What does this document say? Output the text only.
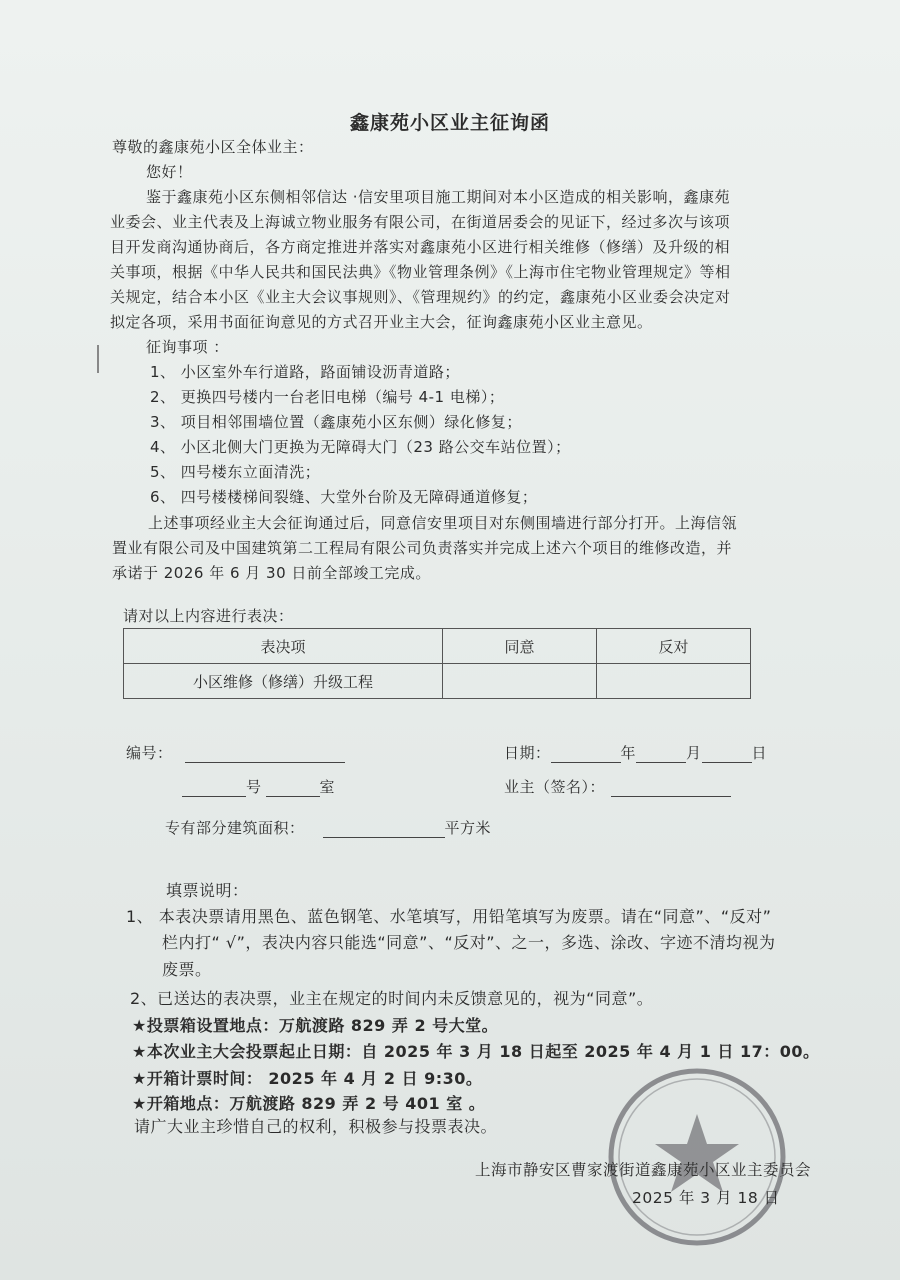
鑫康苑小区业主征询函
尊敬的鑫康苑小区全体业主：
您好！
鉴于鑫康苑小区东侧相邻信达 ·信安里项目施工期间对本小区造成的相关影响，鑫康苑
业委会、业主代表及上海诚立物业服务有限公司，在街道居委会的见证下，经过多次与该项
目开发商沟通协商后，各方商定推进并落实对鑫康苑小区进行相关维修（修缮）及升级的相
关事项，根据《中华人民共和国民法典》《物业管理条例》《上海市住宅物业管理规定》等相
关规定，结合本小区《业主大会议事规则》、《管理规约》的约定，鑫康苑小区业委会决定对
拟定各项，采用书面征询意见的方式召开业主大会，征询鑫康苑小区业主意见。
征询事项 ：
1、 小区室外车行道路，路面铺设沥青道路；
2、 更换四号楼内一台老旧电梯（编号 4-1 电梯）；
3、 项目相邻围墙位置（鑫康苑小区东侧）绿化修复；
4、 小区北侧大门更换为无障碍大门（23 路公交车站位置）；
5、 四号楼东立面清洗；
6、 四号楼楼梯间裂缝、大堂外台阶及无障碍通道修复；
上述事项经业主大会征询通过后，同意信安里项目对东侧围墙进行部分打开。上海信瓴
置业有限公司及中国建筑第二工程局有限公司负责落实并完成上述六个项目的维修改造，并
承诺于 2026 年 6 月 30 日前全部竣工完成。
请对以上内容进行表决：
表决项	同意	反对
小区维修（修缮）升级工程		
编号：	日期：	年	月	日
号	室	业主（签名）：
专有部分建筑面积：	平方米
填票说明：
1、 本表决票请用黑色、蓝色钢笔、水笔填写，用铅笔填写为废票。请在“同意”、“反对”
栏内打“ √”，表决内容只能选“同意”、“反对”、之一，多选、涂改、字迹不清均视为
废票。
2、已送达的表决票，业主在规定的时间内未反馈意见的，视为“同意”。
★投票箱设置地点：万航渡路 829 弄 2 号大堂。
★本次业主大会投票起止日期：自 2025 年 3 月 18 日起至 2025 年 4 月 1 日 17：00。
★开箱计票时间： 2025 年 4 月 2 日 9:30。
★开箱地点：万航渡路 829 弄 2 号 401 室 。
请广大业主珍惜自己的权利，积极参与投票表决。
上海市静安区曹家渡街道鑫康苑小区业主委员会
2025 年 3 月 18 日
